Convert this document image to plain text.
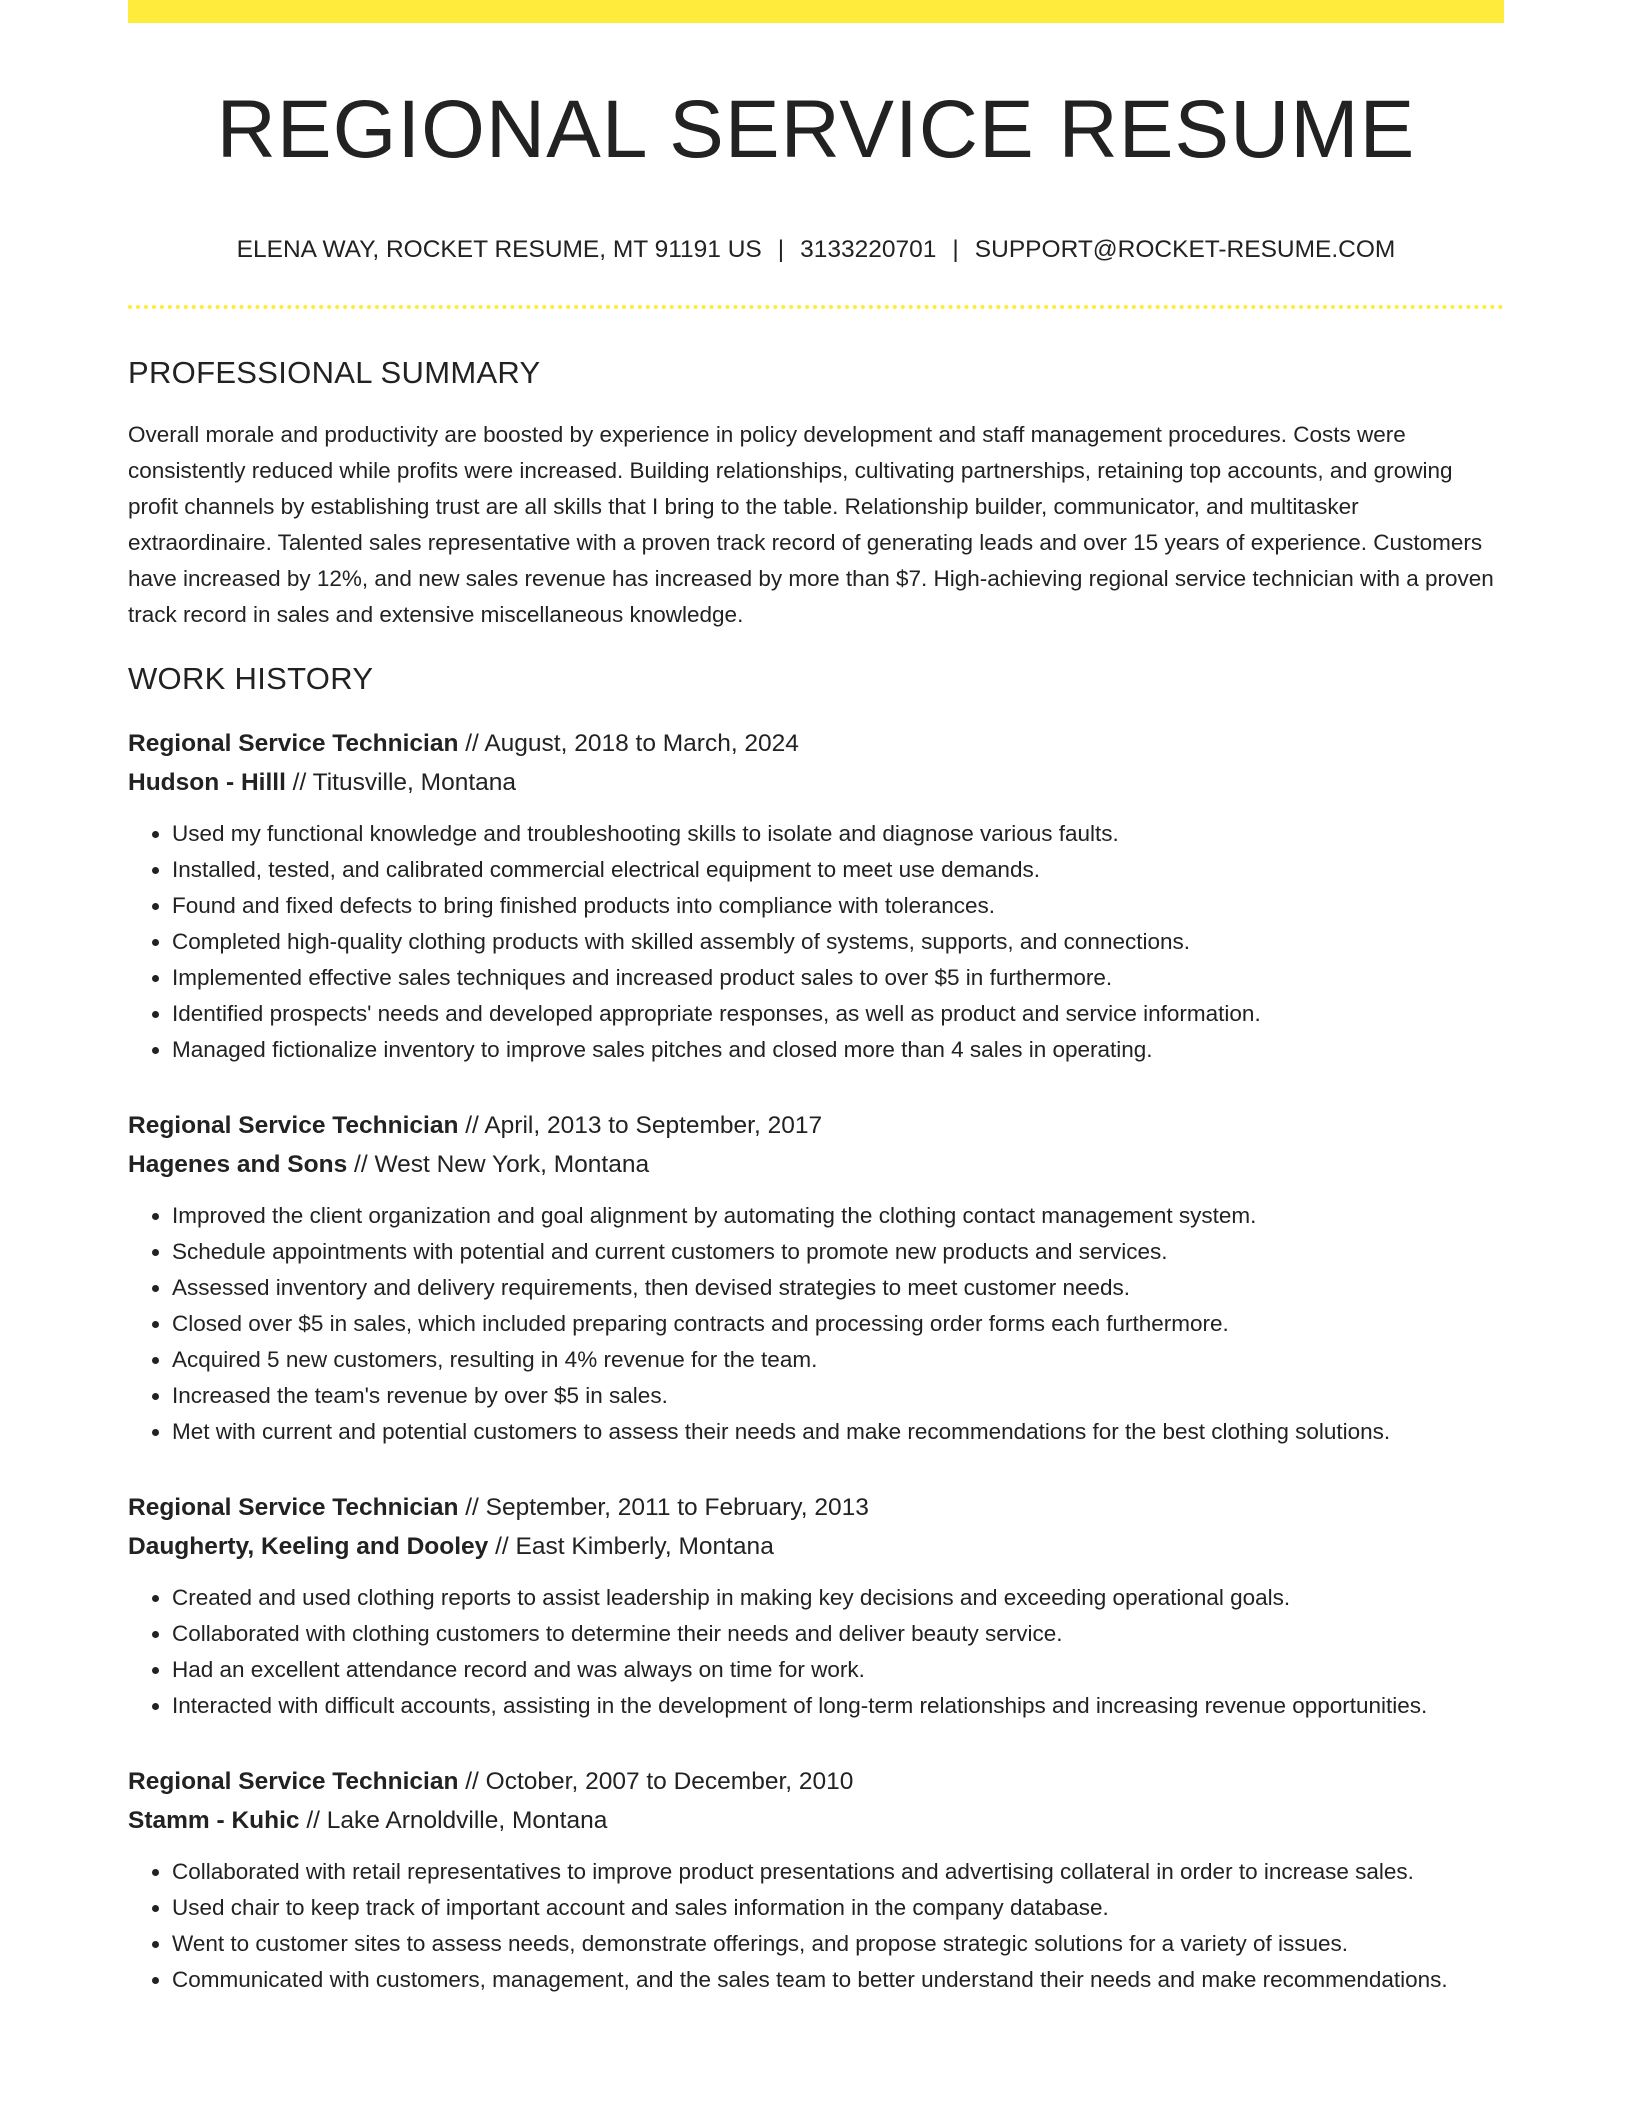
REGIONAL SERVICE RESUME
ELENA WAY, ROCKET RESUME, MT 91191 US | 3133220701 | SUPPORT@ROCKET-RESUME.COM
PROFESSIONAL SUMMARY

Overall morale and productivity are boosted by experience in policy development and staff management procedures. Costs were consistently reduced while profits were increased. Building relationships, cultivating partnerships, retaining top accounts, and growing profit channels by establishing trust are all skills that I bring to the table. Relationship builder, communicator, and multitasker extraordinaire. Talented sales representative with a proven track record of generating leads and over 15 years of experience. Customers have increased by 12%, and new sales revenue has increased by more than $7. High-achieving regional service technician with a proven track record in sales and extensive miscellaneous knowledge.

WORK HISTORY
Regional Service Technician // August, 2018 to March, 2024
Hudson - Hilll // Titusville, Montana
• Used my functional knowledge and troubleshooting skills to isolate and diagnose various faults.
• Installed, tested, and calibrated commercial electrical equipment to meet use demands.
• Found and fixed defects to bring finished products into compliance with tolerances.
• Completed high-quality clothing products with skilled assembly of systems, supports, and connections.
• Implemented effective sales techniques and increased product sales to over $5 in furthermore.
• Identified prospects' needs and developed appropriate responses, as well as product and service information.
• Managed fictionalize inventory to improve sales pitches and closed more than 4 sales in operating.
Regional Service Technician // April, 2013 to September, 2017
Hagenes and Sons // West New York, Montana
• Improved the client organization and goal alignment by automating the clothing contact management system.
• Schedule appointments with potential and current customers to promote new products and services.
• Assessed inventory and delivery requirements, then devised strategies to meet customer needs.
• Closed over $5 in sales, which included preparing contracts and processing order forms each furthermore.
• Acquired 5 new customers, resulting in 4% revenue for the team.
• Increased the team's revenue by over $5 in sales.
• Met with current and potential customers to assess their needs and make recommendations for the best clothing solutions.
Regional Service Technician // September, 2011 to February, 2013
Daugherty, Keeling and Dooley // East Kimberly, Montana
• Created and used clothing reports to assist leadership in making key decisions and exceeding operational goals.
• Collaborated with clothing customers to determine their needs and deliver beauty service.
• Had an excellent attendance record and was always on time for work.
• Interacted with difficult accounts, assisting in the development of long-term relationships and increasing revenue opportunities.
Regional Service Technician // October, 2007 to December, 2010
Stamm - Kuhic // Lake Arnoldville, Montana
• Collaborated with retail representatives to improve product presentations and advertising collateral in order to increase sales.
• Used chair to keep track of important account and sales information in the company database.
• Went to customer sites to assess needs, demonstrate offerings, and propose strategic solutions for a variety of issues.
• Communicated with customers, management, and the sales team to better understand their needs and make recommendations.
